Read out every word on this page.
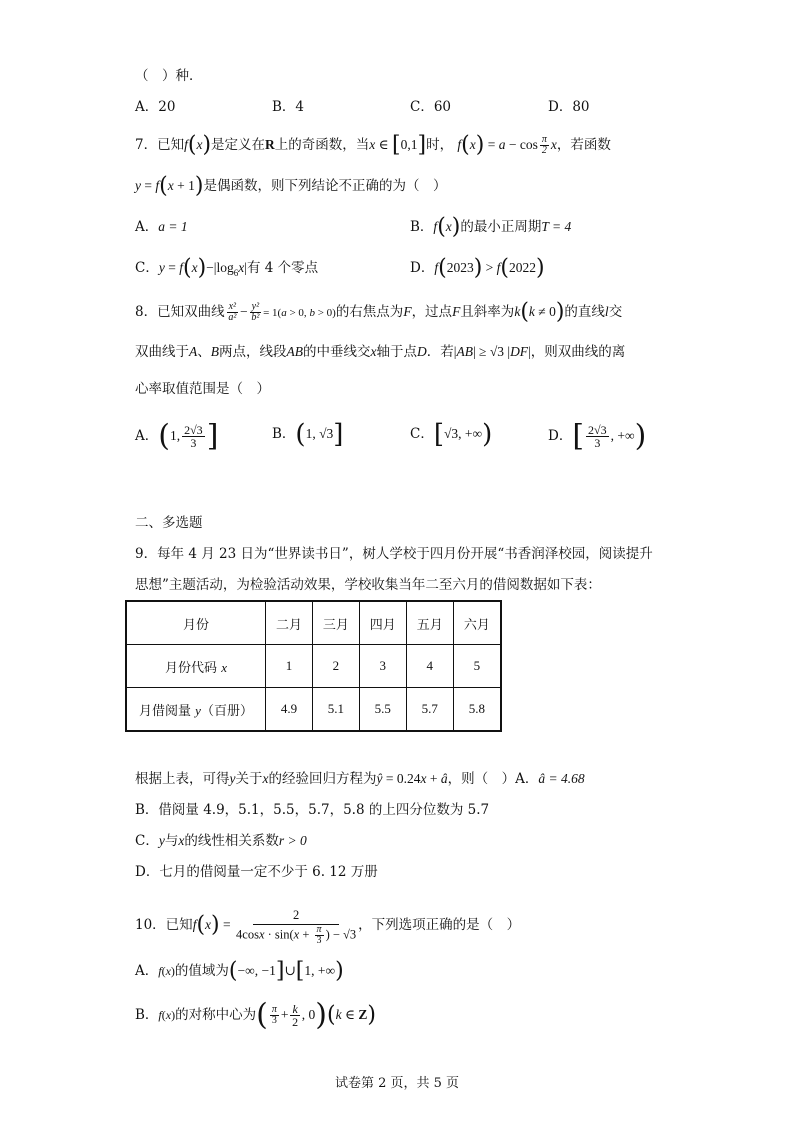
（　）种．
A．20	B．4	C．60	D．80
7．已知f(x)是定义在R上的奇函数，当x ∈ [0,1]时， $f(x) = a - \cos \frac{\pi}{2}$ x，若函数
y = f(x + 1)是偶函数，则下列结论不正确的为（　）
A．a = 1	B．f(x)的最小正周期T = 4
C．$y = f(x)-|\log_6x|$有 4 个零点	D．f(2023) > f(2022)
8．已知双曲线 $\frac{\text{x²}}{\text{a²}} - \frac{\text{y²}}{\text{b²}} = 1(a > 0$, b > 0)的右焦点为F，过点F且斜率为k(k ≠ 0)的直线l交
双曲线于A、B两点，线段AB的中垂线交x轴于点D．若|AB| ≥ √3 |DF|，则双曲线的离
心率取值范围是（　）
A．(1, $\frac{2√3}{3}$ ]	B．(1, √3]	C．[√3, +∞)	D．[ $\frac{2√3}{3}$ , +∞)
二、多选题
9．每年 4 月 23 日为“世界读书日”，树人学校于四月份开展“书香润泽校园，阅读提升
思想”主题活动，为检验活动效果，学校收集当年二至六月的借阅数据如下表：
月份	二月	三月	四月	五月	六月
月份代码 x	1	2	3	4	5
月借阅量 y（百册）	4.9	5.1	5.5	5.7	5.8
根据上表，可得y关于x的经验回归方程为ŷ = 0.24x + â，则（　）A．â = 4.68
B．借阅量 4.9，5.1，5.5，5.7，5.8 的上四分位数为 5.7
C．y与x的线性相关系数r > 0
D．七月的借阅量一定不少于 6. 12 万册
10．已知$f(x) = \frac{2}{4\cos x \cdot \sin(x + \frac{\pi}{3} ) - √3}$ ，下列选项正确的是（　）
A．f(x)的值域为(−∞, −1]∪[1, +∞)
B．f(x)的对称中心为( $\frac{\pi}{3} + \frac{k}{2}$ , 0)(k ∈ Z)
试卷第 2 页，共 5 页
